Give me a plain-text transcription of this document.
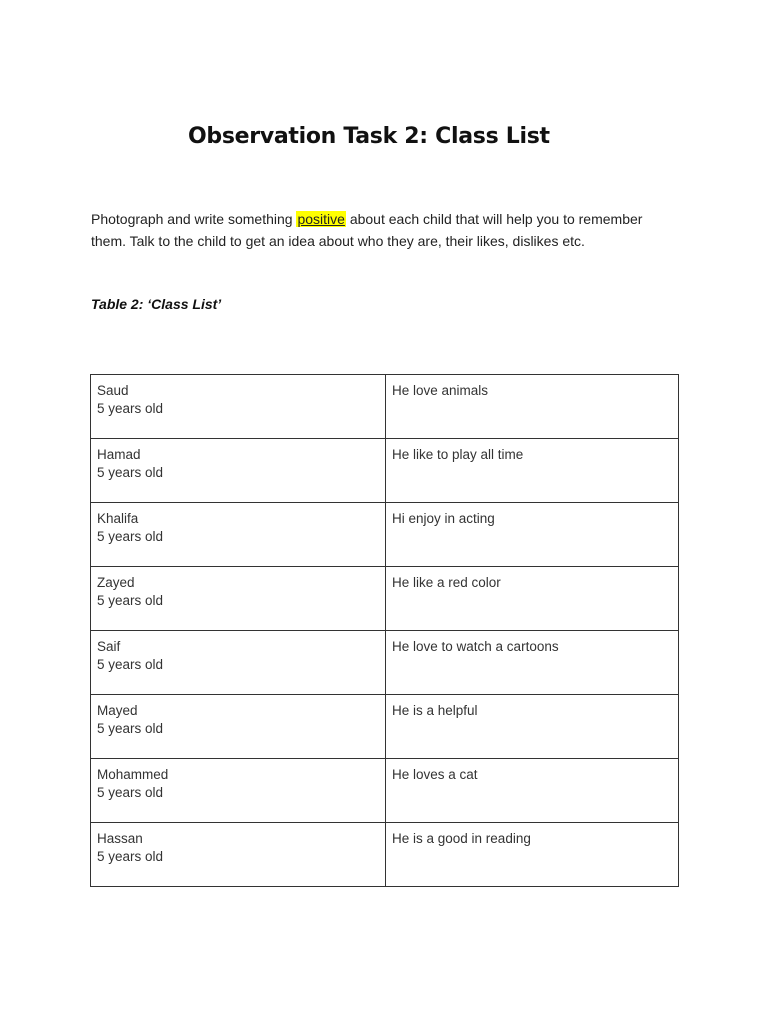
Observation Task 2: Class List

Photograph and write something positive about each child that will help you to remember them. Talk to the child to get an idea about who they are, their likes, dislikes etc.

Table 2: ‘Class List’

Saud
5 years old	He love animals

Hamad
5 years old	He like to play all time

Khalifa
5 years old	Hi enjoy in acting

Zayed
5 years old	He like a red color

Saif
5 years old	He love to watch a cartoons

Mayed
5 years old	He is a helpful

Mohammed
5 years old	He loves a cat

Hassan
5 years old	He is a good in reading
